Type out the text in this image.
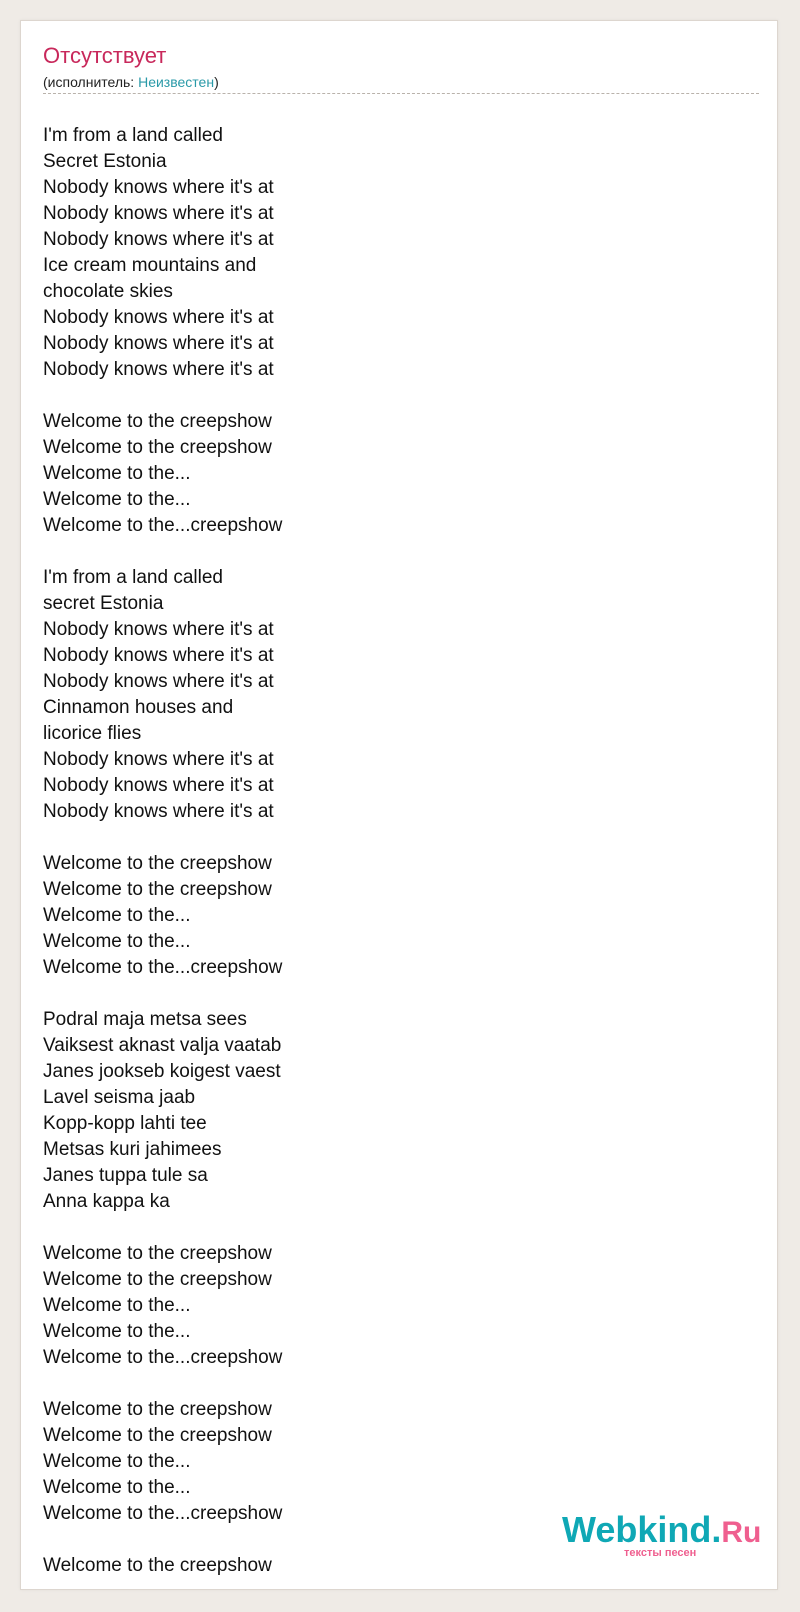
Отсутствует
(исполнитель: Неизвестен)
I'm from a land called
Secret Estonia
Nobody knows where it's at
Nobody knows where it's at
Nobody knows where it's at
Ice cream mountains and
chocolate skies
Nobody knows where it's at
Nobody knows where it's at
Nobody knows where it's at
Welcome to the creepshow
Welcome to the creepshow
Welcome to the...
Welcome to the...
Welcome to the...creepshow
I'm from a land called
secret Estonia
Nobody knows where it's at
Nobody knows where it's at
Nobody knows where it's at
Cinnamon houses and
licorice flies
Nobody knows where it's at
Nobody knows where it's at
Nobody knows where it's at
Welcome to the creepshow
Welcome to the creepshow
Welcome to the...
Welcome to the...
Welcome to the...creepshow
Podral maja metsa sees
Vaiksest aknast valja vaatab
Janes jookseb koigest vaest
Lavel seisma jaab
Kopp-kopp lahti tee
Metsas kuri jahimees
Janes tuppa tule sa
Anna kappa ka
Welcome to the creepshow
Welcome to the creepshow
Welcome to the...
Welcome to the...
Welcome to the...creepshow
Welcome to the creepshow
Welcome to the creepshow
Welcome to the...
Welcome to the...
Welcome to the...creepshow
Welcome to the creepshow
Webkind.Ru
тексты песен
